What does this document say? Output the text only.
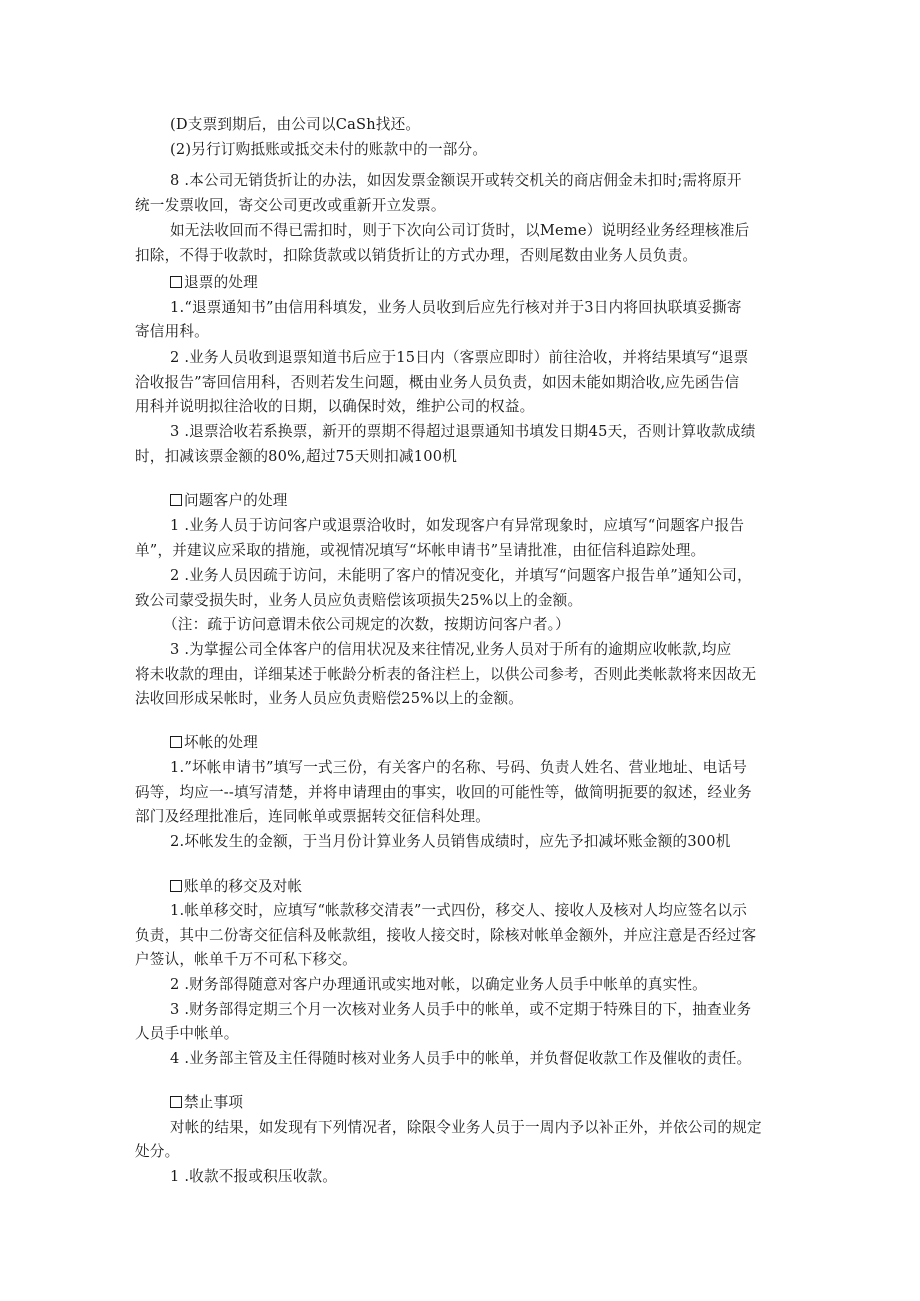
(D支票到期后，由公司以CaSh找还。

(2)另行订购抵账或抵交未付的账款中的一部分。

8 .本公司无销货折让的办法，如因发票金额误开或转交机关的商店佣金未扣时;需将原开

统一发票收回，寄交公司更改或重新开立发票。

如无法收回而不得已需扣时，则于下次向公司订货时，以Meme）说明经业务经理核准后

扣除，不得于收款时，扣除货款或以销货折让的方式办理，否则尾数由业务人员负责。

退票的处理

1.“退票通知书”由信用科填发，业务人员收到后应先行核对并于3日内将回执联填妥撕寄

寄信用科。

2 .业务人员收到退票知道书后应于15日内（客票应即时）前往洽收，并将结果填写“退票

洽收报告”寄回信用科，否则若发生问题，概由业务人员负责，如因未能如期洽收,应先函告信

用科并说明拟往洽收的日期，以确保时效，维护公司的权益。

3 .退票洽收若系换票，新开的票期不得超过退票通知书填发日期45天，否则计算收款成绩

时，扣减该票金额的80%,超过75天则扣减100机

问题客户的处理

1 .业务人员于访问客户或退票洽收时，如发现客户有异常现象时，应填写“问题客户报告

单”，并建议应采取的措施，或视情况填写“坏帐申请书”呈请批准，由征信科追踪处理。

2 .业务人员因疏于访问，未能明了客户的情况变化，并填写“问题客户报告单”通知公司，

致公司蒙受损失时，业务人员应负责赔偿该项损失25%以上的金额。

（注：疏于访问意谓未依公司规定的次数，按期访问客户者。）

3 .为掌握公司全体客户的信用状况及来往情况,业务人员对于所有的逾期应收帐款,均应

将未收款的理由，详细某述于帐龄分析表的备注栏上，以供公司参考，否则此类帐款将来因故无

法收回形成呆帐时，业务人员应负责赔偿25%以上的金额。

坏帐的处理

1.”坏帐申请书”填写一式三份，有关客户的名称、号码、负责人姓名、营业地址、电话号

码等，均应一--填写清楚，并将申请理由的事实，收回的可能性等，做简明扼要的叙述，经业务

部门及经理批准后，连同帐单或票据转交征信科处理。

2.坏帐发生的金额，于当月份计算业务人员销售成绩时，应先予扣减坏账金额的300机

账单的移交及对帐

1.帐单移交时，应填写“帐款移交清表”一式四份，移交人、接收人及核对人均应签名以示

负责，其中二份寄交征信科及帐款组，接收人接交时，除核对帐单金额外，并应注意是否经过客

户签认，帐单千万不可私下移交。

2 .财务部得随意对客户办理通讯或实地对帐，以确定业务人员手中帐单的真实性。

3 .财务部得定期三个月一次核对业务人员手中的帐单，或不定期于特殊目的下，抽查业务

人员手中帐单。

4 .业务部主管及主任得随时核对业务人员手中的帐单，并负督促收款工作及催收的责任。

禁止事项

对帐的结果，如发现有下列情况者，除限令业务人员于一周内予以补正外，并依公司的规定

处分。

1 .收款不报或积压收款。
